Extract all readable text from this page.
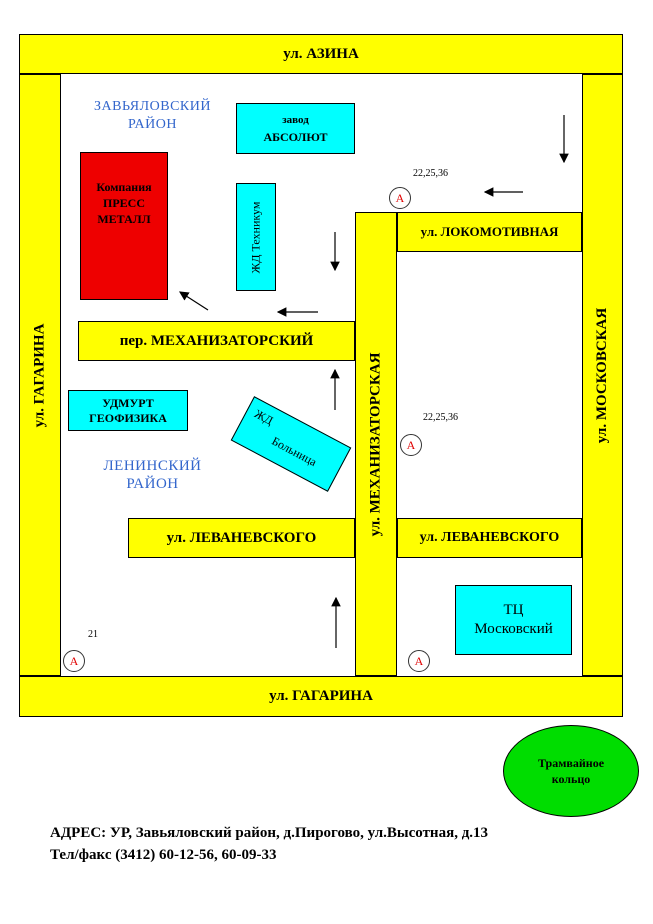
ул. АЗИНА
ул. ГАГАРИНА	ул. МОСКОВСКАЯ
ул. ГАГАРИНА
ул. МЕХАНИЗАТОРСКАЯ
ул. ЛОКОМОТИВНАЯ
пер. МЕХАНИЗАТОРСКИЙ
ул. ЛЕВАНЕВСКОГО	ул. ЛЕВАНЕВСКОГО
ЗАВЬЯЛОВСКИЙ
РАЙОН
ЛЕНИНСКИЙ
РАЙОН
Компания
ПРЕСС
МЕТАЛЛ
завод
АБСОЛЮТ
ЖД Техникум
УДМУРТ
ГЕОФИЗИКА	ЖД
Больница
ТЦ
Московский
Трамвайное
кольцо
22,25,36
А
22,25,36
А
21
А	А
АДРЕС: УР, Завьяловский район, д.Пирогово, ул.Высотная, д.13
Тел/факс (3412) 60-12-56, 60-09-33
